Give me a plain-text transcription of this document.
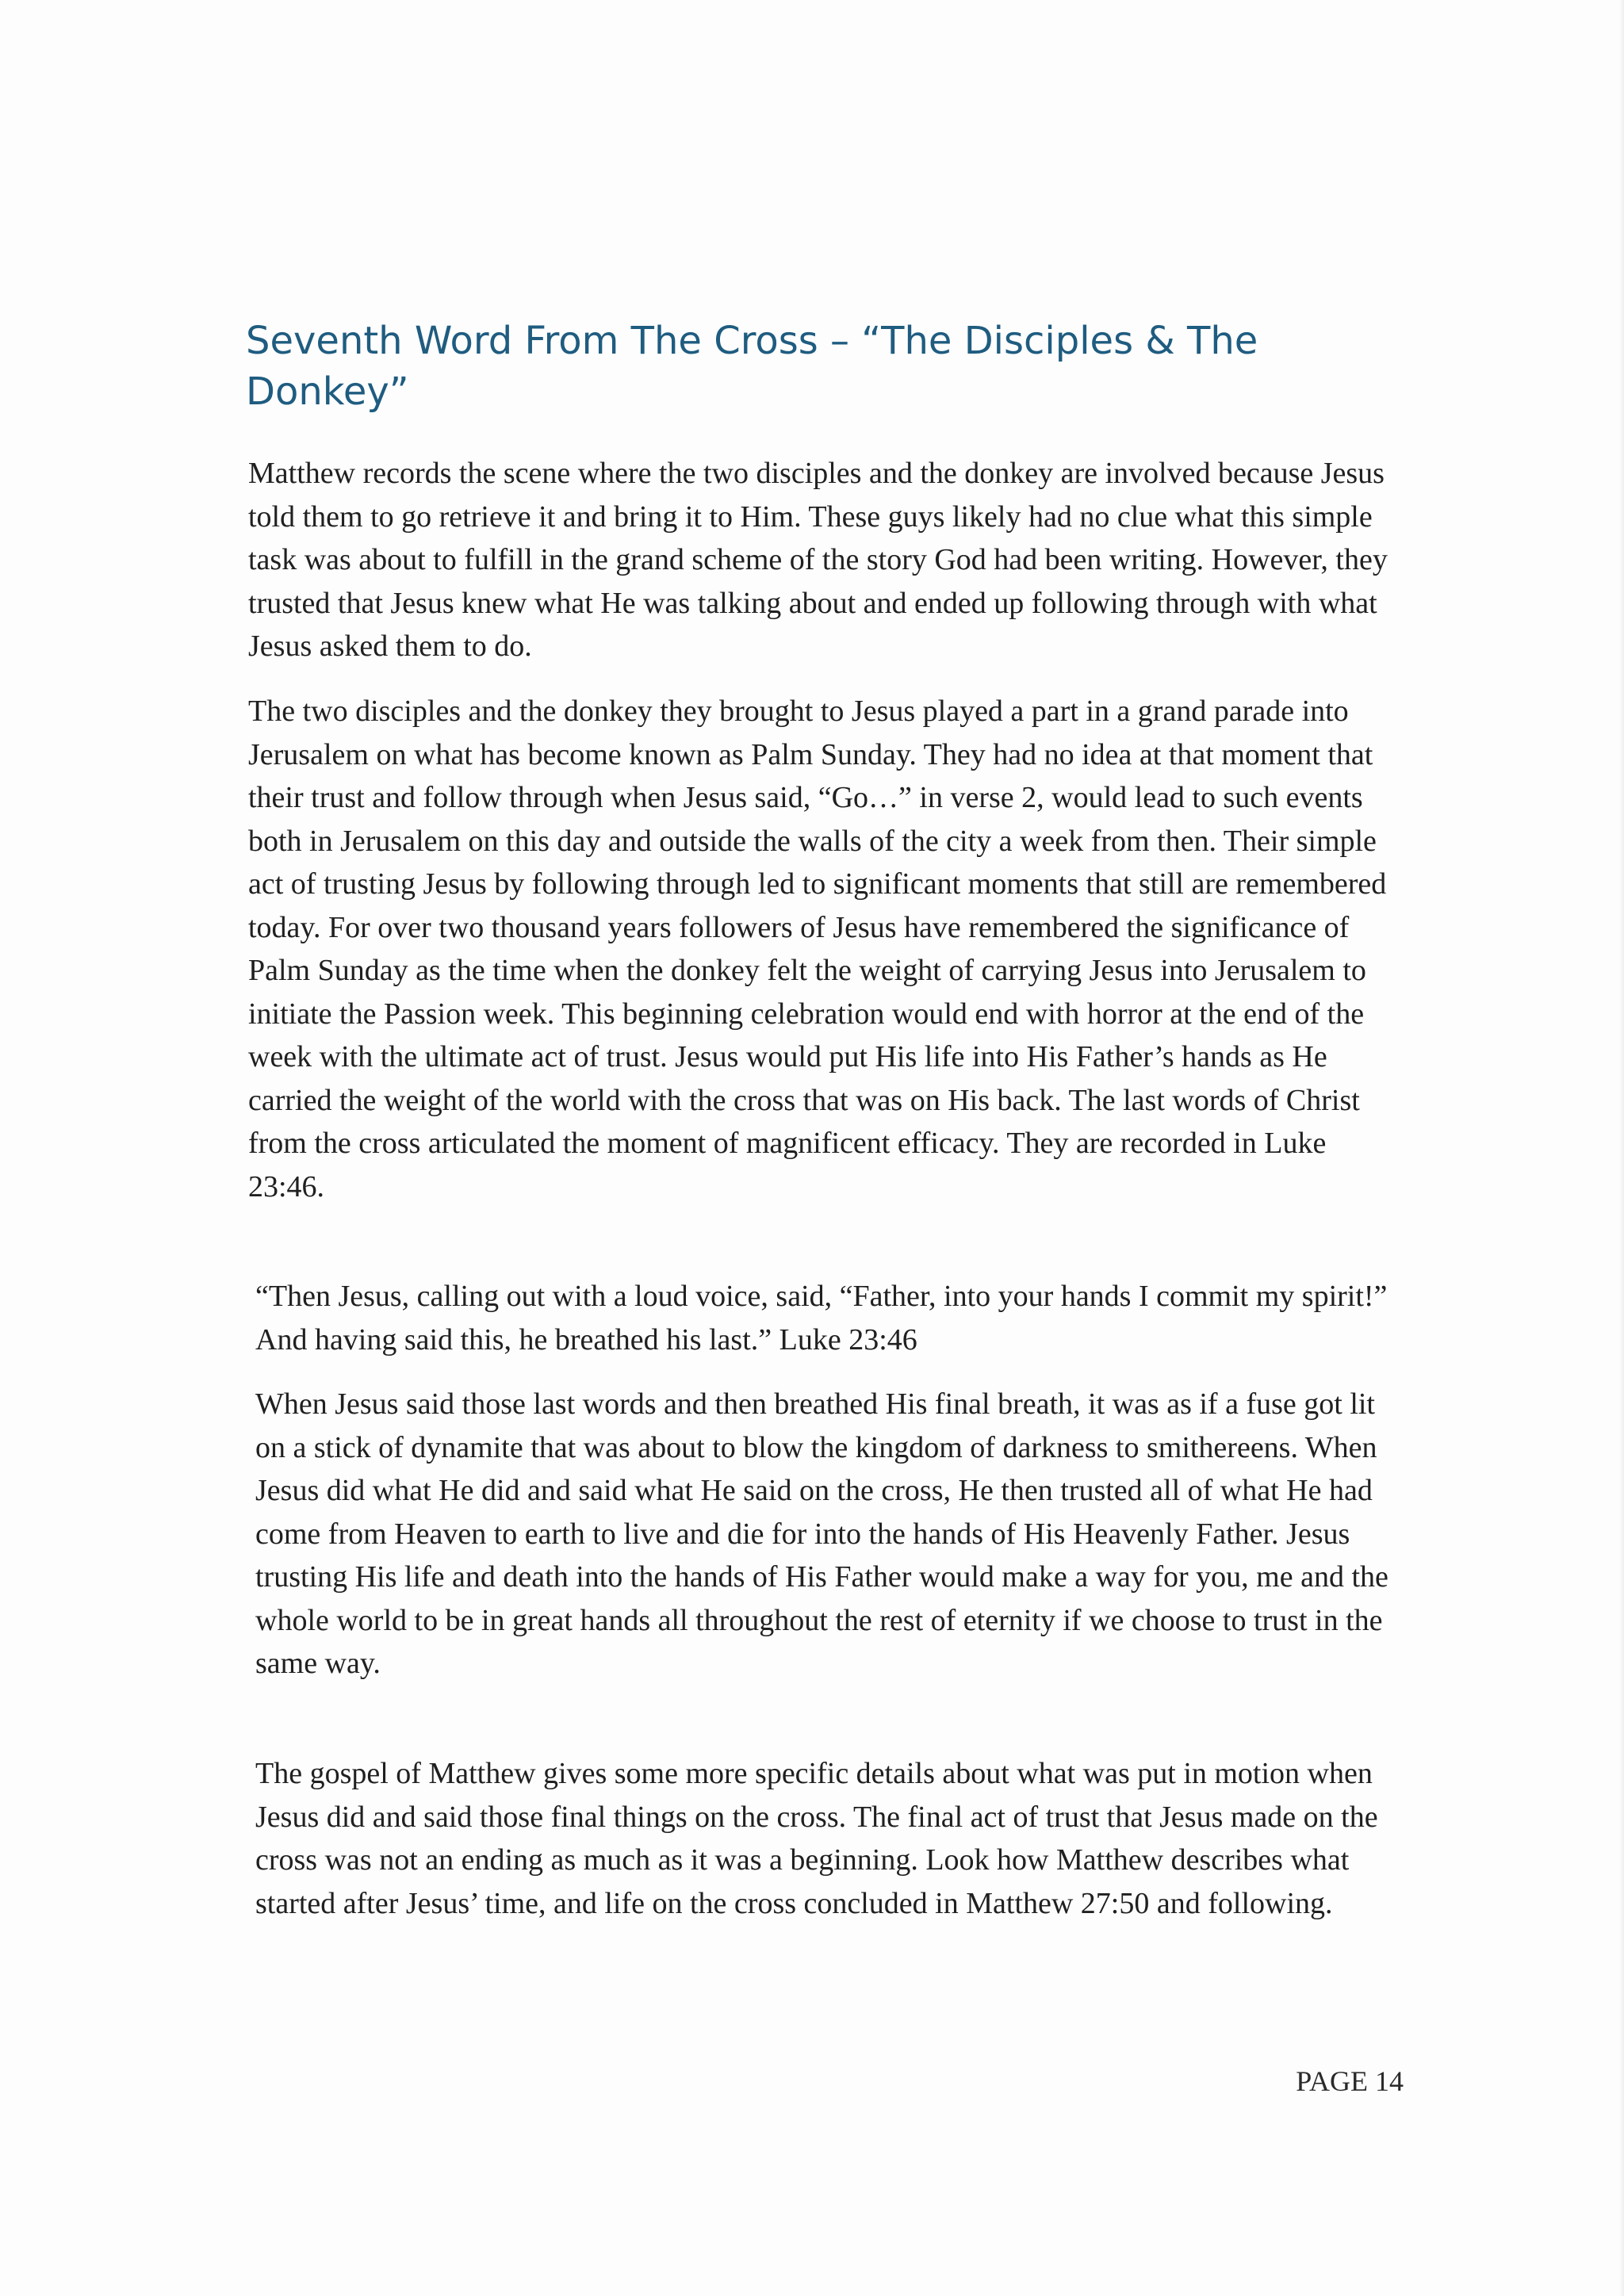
Seventh Word From The Cross – “The Disciples & The Donkey”

Matthew records the scene where the two disciples and the donkey are involved because Jesus told them to go retrieve it and bring it to Him. These guys likely had no clue what this simple task was about to fulfill in the grand scheme of the story God had been writing. However, they trusted that Jesus knew what He was talking about and ended up following through with what Jesus asked them to do.

The two disciples and the donkey they brought to Jesus played a part in a grand parade into Jerusalem on what has become known as Palm Sunday. They had no idea at that moment that their trust and follow through when Jesus said, “Go…” in verse 2, would lead to such events both in Jerusalem on this day and outside the walls of the city a week from then. Their simple act of trusting Jesus by following through led to significant moments that still are remembered today. For over two thousand years followers of Jesus have remembered the significance of Palm Sunday as the time when the donkey felt the weight of carrying Jesus into Jerusalem to initiate the Passion week. This beginning celebration would end with horror at the end of the week with the ultimate act of trust. Jesus would put His life into His Father’s hands as He carried the weight of the world with the cross that was on His back. The last words of Christ from the cross articulated the moment of magnificent efficacy. They are recorded in Luke 23:46.

“Then Jesus, calling out with a loud voice, said, “Father, into your hands I commit my spirit!” And having said this, he breathed his last.” Luke 23:46

When Jesus said those last words and then breathed His final breath, it was as if a fuse got lit on a stick of dynamite that was about to blow the kingdom of darkness to smithereens. When Jesus did what He did and said what He said on the cross, He then trusted all of what He had come from Heaven to earth to live and die for into the hands of His Heavenly Father. Jesus trusting His life and death into the hands of His Father would make a way for you, me and the whole world to be in great hands all throughout the rest of eternity if we choose to trust in the same way.

The gospel of Matthew gives some more specific details about what was put in motion when Jesus did and said those final things on the cross. The final act of trust that Jesus made on the cross was not an ending as much as it was a beginning. Look how Matthew describes what started after Jesus’ time, and life on the cross concluded in Matthew 27:50 and following.

PAGE 14
